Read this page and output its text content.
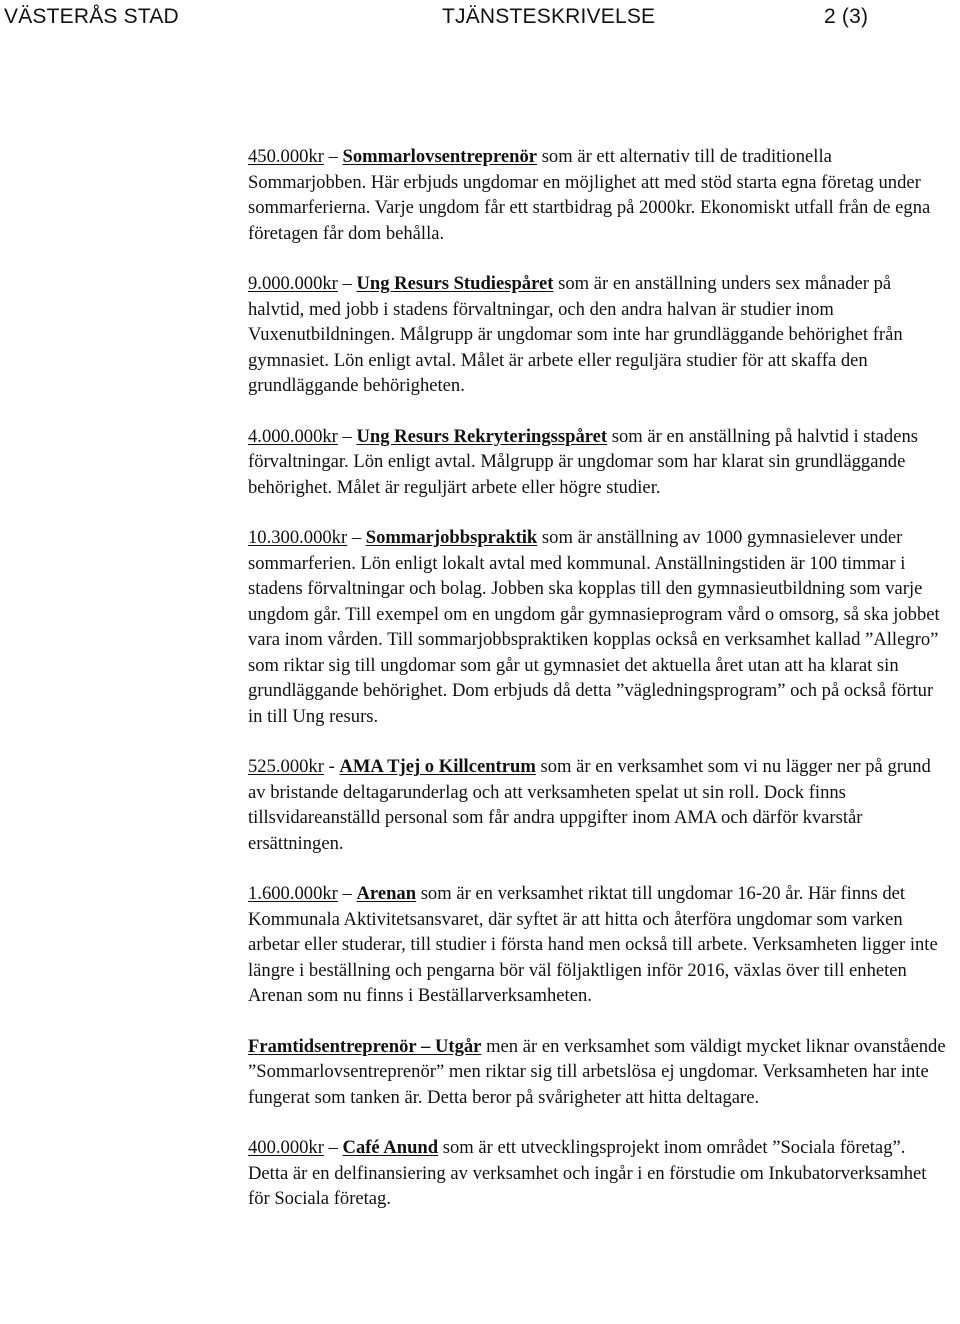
VÄSTERÅS STAD	TJÄNSTESKRIVELSE	2 (3)

450.000kr – Sommarlovsentreprenör som är ett alternativ till de traditionella Sommarjobben. Här erbjuds ungdomar en möjlighet att med stöd starta egna företag under sommarferierna. Varje ungdom får ett startbidrag på 2000kr. Ekonomiskt utfall från de egna företagen får dom behålla.

9.000.000kr – Ung Resurs Studiespåret som är en anställning unders sex månader på halvtid, med jobb i stadens förvaltningar, och den andra halvan är studier inom Vuxenutbildningen. Målgrupp är ungdomar som inte har grundläggande behörighet från gymnasiet. Lön enligt avtal. Målet är arbete eller reguljära studier för att skaffa den grundläggande behörigheten.

4.000.000kr – Ung Resurs Rekryteringsspåret som är en anställning på halvtid i stadens förvaltningar. Lön enligt avtal. Målgrupp är ungdomar som har klarat sin grundläggande behörighet. Målet är reguljärt arbete eller högre studier.

10.300.000kr – Sommarjobbspraktik som är anställning av 1000 gymnasielever under sommarferien. Lön enligt lokalt avtal med kommunal. Anställningstiden är 100 timmar i stadens förvaltningar och bolag. Jobben ska kopplas till den gymnasieutbildning som varje ungdom går. Till exempel om en ungdom går gymnasieprogram vård o omsorg, så ska jobbet vara inom vården. Till sommarjobbspraktiken kopplas också en verksamhet kallad ”Allegro” som riktar sig till ungdomar som går ut gymnasiet det aktuella året utan att ha klarat sin grundläggande behörighet. Dom erbjuds då detta ”vägledningsprogram” och på också förtur in till Ung resurs.

525.000kr - AMA Tjej o Killcentrum som är en verksamhet som vi nu lägger ner på grund av bristande deltagarunderlag och att verksamheten spelat ut sin roll. Dock finns tillsvidareanställd personal som får andra uppgifter inom AMA och därför kvarstår ersättningen.

1.600.000kr – Arenan som är en verksamhet riktat till ungdomar 16-20 år. Här finns det Kommunala Aktivitetsansvaret, där syftet är att hitta och återföra ungdomar som varken arbetar eller studerar, till studier i första hand men också till arbete. Verksamheten ligger inte längre i beställning och pengarna bör väl följaktligen inför 2016, växlas över till enheten Arenan som nu finns i Beställarverksamheten.

Framtidsentreprenör – Utgår men är en verksamhet som väldigt mycket liknar ovanstående ”Sommarlovsentreprenör” men riktar sig till arbetslösa ej ungdomar. Verksamheten har inte fungerat som tanken är. Detta beror på svårigheter att hitta deltagare.

400.000kr – Café Anund som är ett utvecklingsprojekt inom området ”Sociala företag”. Detta är en delfinansiering av verksamhet och ingår i en förstudie om Inkubatorverksamhet för Sociala företag.
